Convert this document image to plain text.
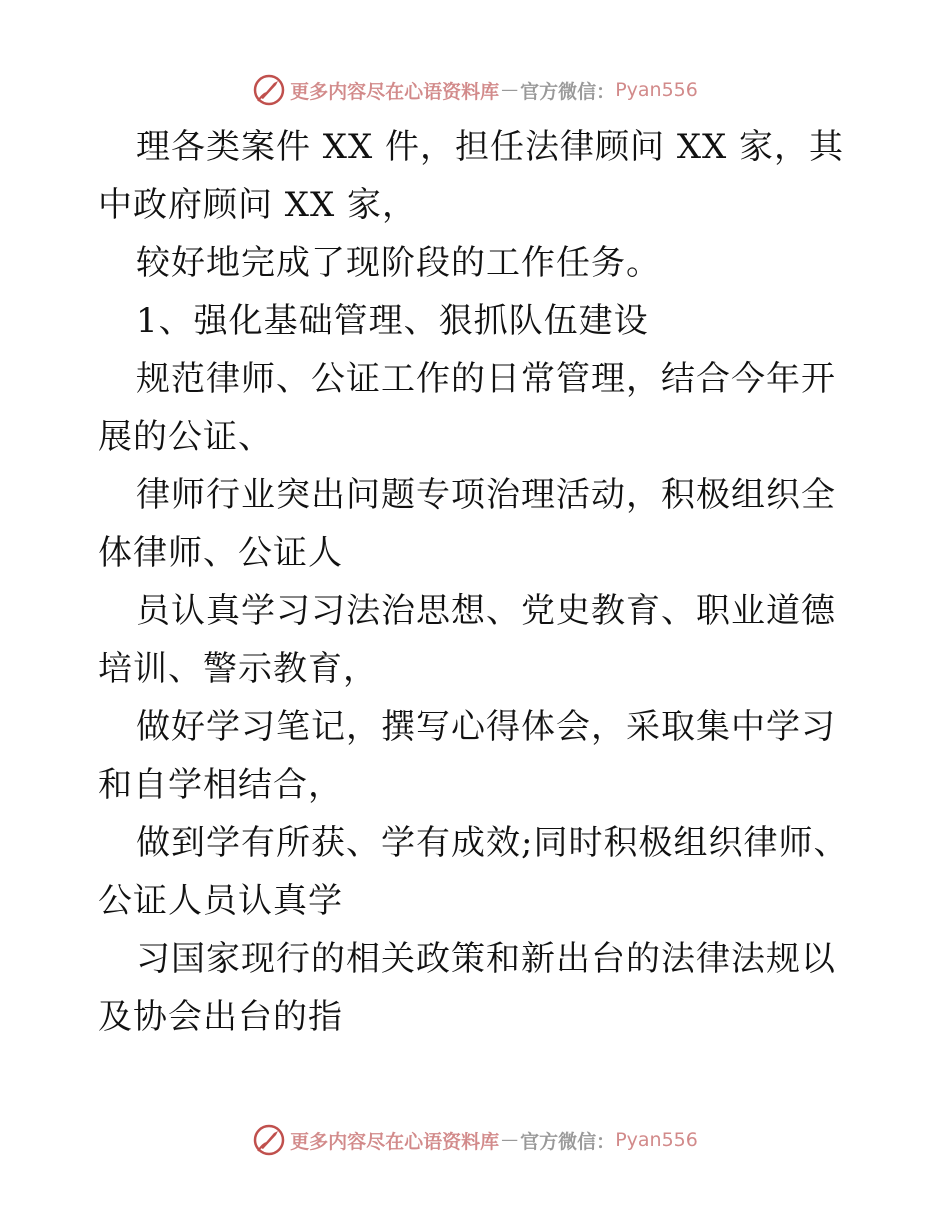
更多内容尽在心语资料库 — 官方微信： Pyan556

理各类案件 XX 件，担任法律顾问 XX 家，其中政府顾问 XX 家，

较好地完成了现阶段的工作任务。

1、强化基础管理、狠抓队伍建设

规范律师、公证工作的日常管理，结合今年开展的公证、

律师行业突出问题专项治理活动，积极组织全体律师、公证人

员认真学习习法治思想、党史教育、职业道德培训、警示教育，

做好学习笔记，撰写心得体会，采取集中学习和自学相结合，

做到学有所获、学有成效;同时积极组织律师、公证人员认真学

习国家现行的相关政策和新出台的法律法规以及协会出台的指

更多内容尽在心语资料库 — 官方微信： Pyan556
